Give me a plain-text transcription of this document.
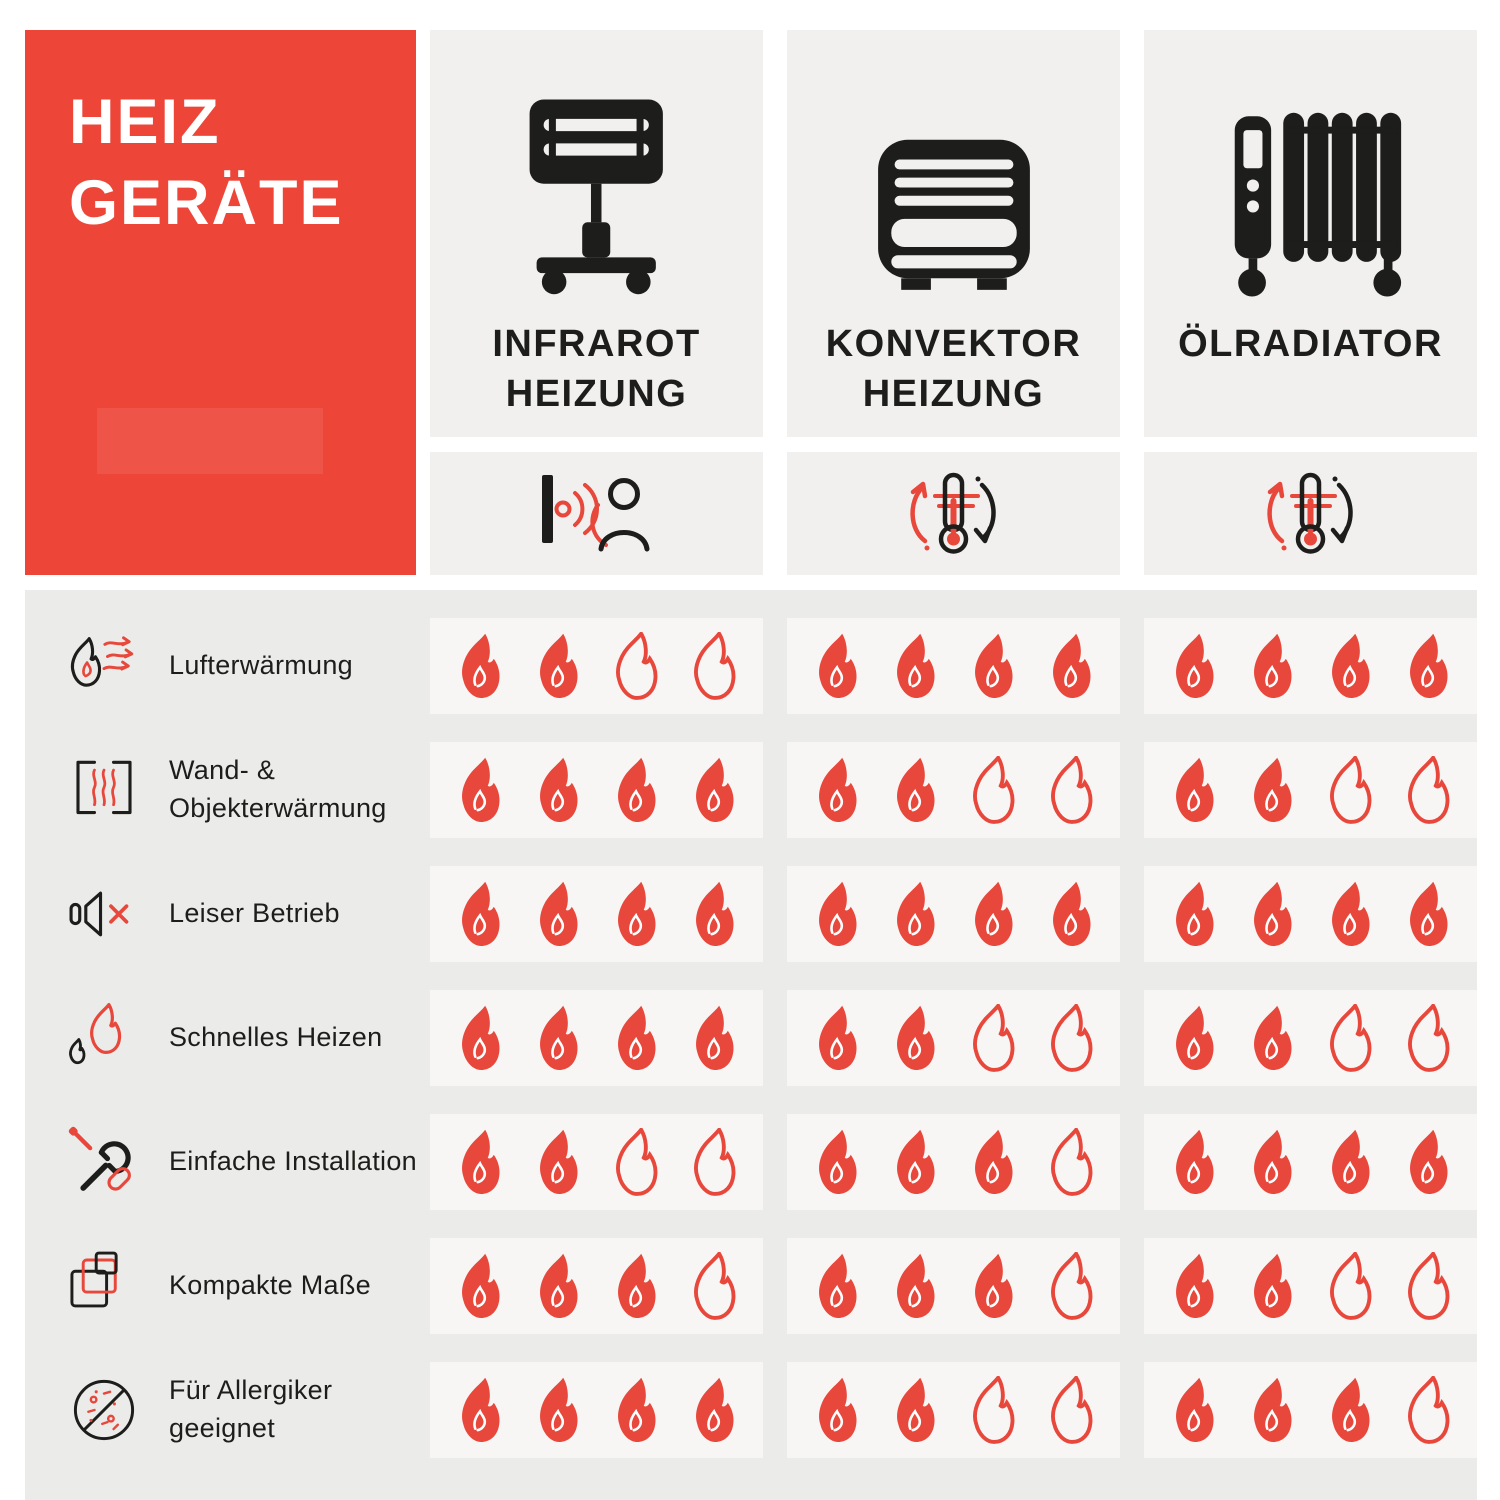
HEIZ
GERÄTE
INFRAROT
HEIZUNG
KONVEKTOR
HEIZUNG
ÖLRADIATOR
Lufterwärmung
Wand- &
Objekterwärmung
Leiser Betrieb
Schnelles Heizen
Einfache Installation
Kompakte Maße
Für Allergiker
geeignet
